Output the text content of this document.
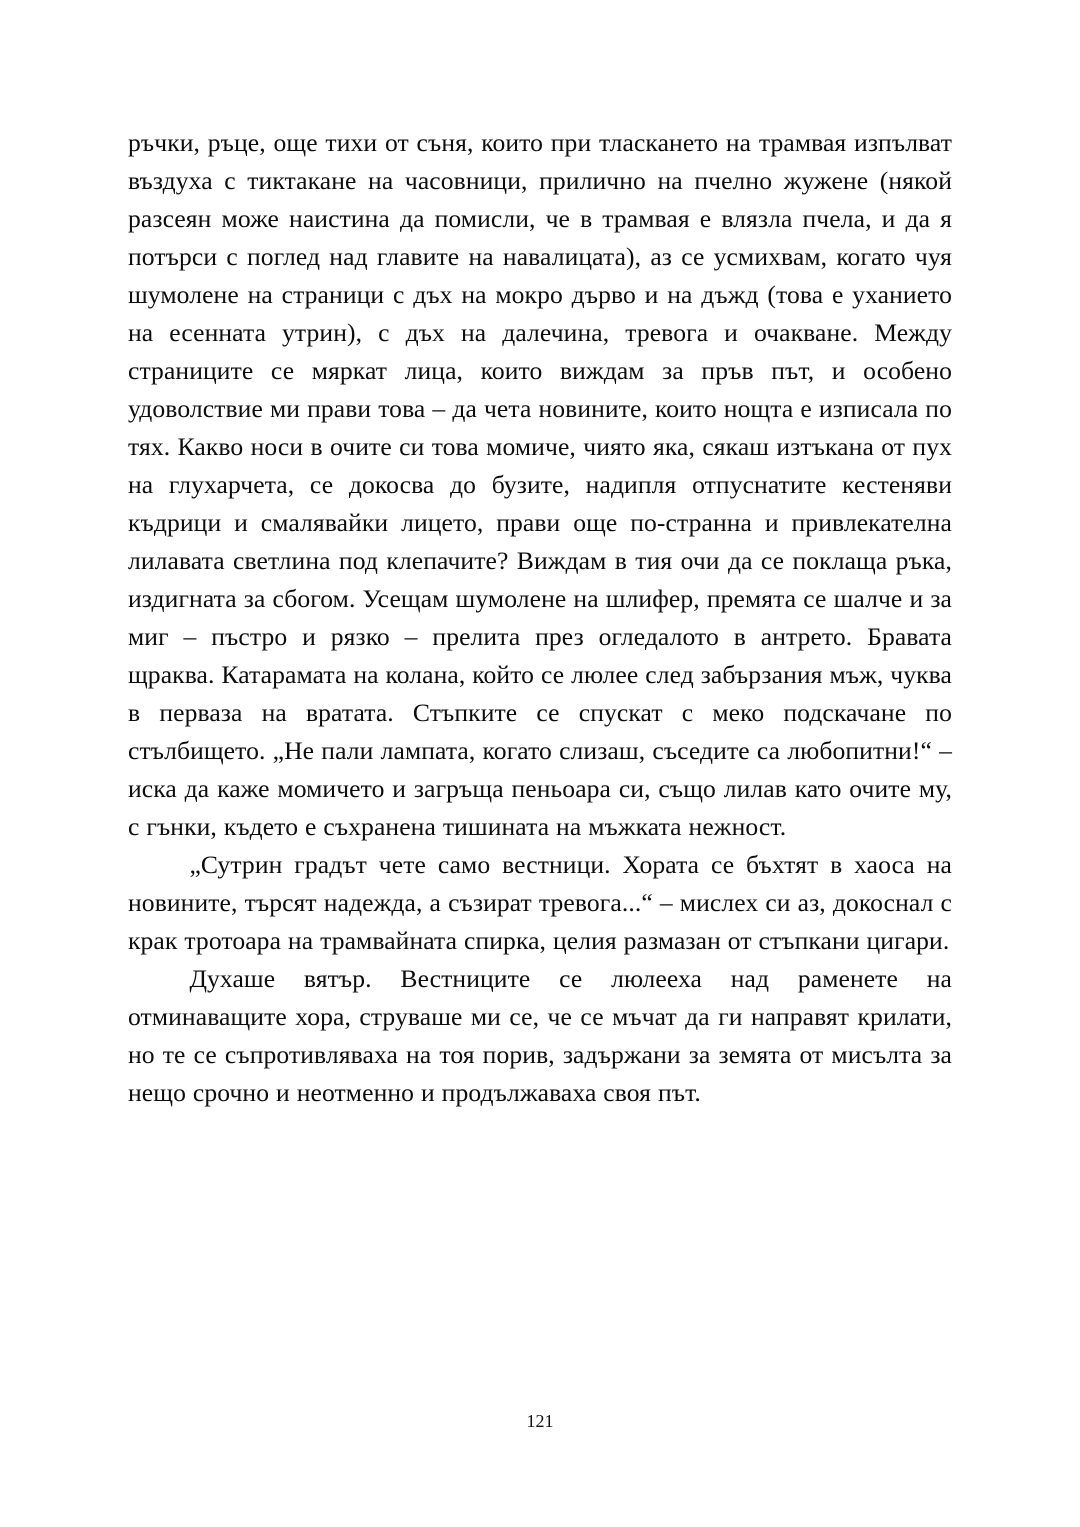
ръчки, ръце, още тихи от съня, които при тласкането на трамвая изпълват въздуха с тиктакане на часовници, прилично на пчелно жужене (някой разсеян може наистина да помисли, че в трамвая е влязла пчела, и да я потърси с поглед над главите на навалицата), аз се усмихвам, когато чуя шумолене на страници с дъх на мокро дърво и на дъжд (това е уханието на есенната утрин), с дъх на далечина, тревога и очакване. Между страниците се мяркат лица, които виждам за пръв път, и особено удоволствие ми прави това – да чета новините, които нощта е изписала по тях. Какво носи в очите си това момиче, чиято яка, сякаш изтъкана от пух на глухарчета, се докосва до бузите, надипля отпуснатите кестеняви къдрици и смалявайки лицето, прави още по-странна и привлекателна лилавата светлина под клепачите? Виждам в тия очи да се поклаща ръка, издигната за сбогом. Усещам шумолене на шлифер, премята се шалче и за миг – пъстро и рязко – прелита през огледалото в антрето. Бравата щраква. Катарамата на колана, който се люлее след забързания мъж, чуква в перваза на вратата. Стъпките се спускат с меко подскачане по стълбището. „Не пали лампата, когато слизаш, съседите са любопитни!“ – иска да каже момичето и загръща пеньоара си, също лилав като очите му, с гънки, където е съхранена тишината на мъжката нежност.

„Сутрин градът чете само вестници. Хората се бъхтят в хаоса на новините, търсят надежда, а съзират тревога...“ – мислех си аз, докоснал с крак тротоара на трамвайната спирка, целия размазан от стъпкани цигари.

Духаше вятър. Вестниците се люлееха над раменете на отминаващите хора, струваше ми се, че се мъчат да ги направят крилати, но те се съпротивляваха на тоя порив, задържани за земята от мисълта за нещо срочно и неотменно и продължаваха своя път.

121
